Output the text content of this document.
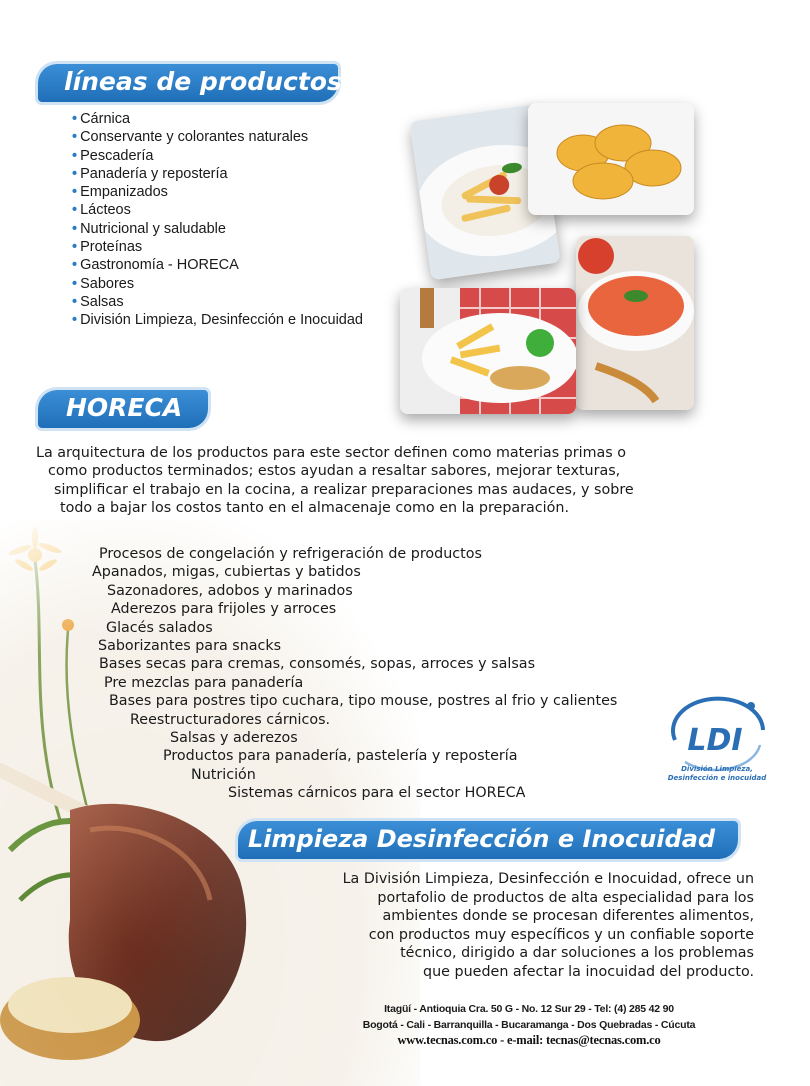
líneas de productos
• Cárnica
• Conservante y colorantes naturales
• Pescadería
• Panadería y repostería
• Empanizados
• Lácteos
• Nutricional y saludable
• Proteínas
• Gastronomía - HORECA
• Sabores
• Salsas
• División Limpieza, Desinfección e Inocuidad
HORECA
La arquitectura de los productos para este sector definen como materias primas o
como productos terminados; estos ayudan a resaltar sabores, mejorar texturas,
simplificar el trabajo en la cocina, a realizar preparaciones mas audaces, y sobre
todo a bajar los costos tanto en el almacenaje como en la preparación.
Procesos de congelación y refrigeración de productos
Apanados, migas, cubiertas y batidos
Sazonadores, adobos y marinados
Aderezos para frijoles y arroces
Glacés salados
Saborizantes para snacks
Bases secas para cremas, consomés, sopas, arroces y salsas
Pre mezclas para panadería
Bases para postres tipo cuchara, tipo mouse, postres al frio y calientes
Reestructuradores cárnicos.
Salsas y aderezos
Productos para panadería, pastelería y repostería
Nutrición
Sistemas cárnicos para el sector HORECA
LDI
División Limpieza,
Desinfección e inocuidad
Limpieza Desinfección e Inocuidad
La División Limpieza, Desinfección e Inocuidad, ofrece un
portafolio de productos de alta especialidad para los
ambientes donde se procesan diferentes alimentos,
con productos muy específicos y un confiable soporte
técnico, dirigido a dar soluciones a los problemas
que pueden afectar la inocuidad del producto.
Itagüí - Antioquia Cra. 50 G - No. 12 Sur 29 - Tel: (4) 285 42 90
Bogotá - Cali - Barranquilla - Bucaramanga - Dos Quebradas - Cúcuta
www.tecnas.com.co - e-mail: tecnas@tecnas.com.co
